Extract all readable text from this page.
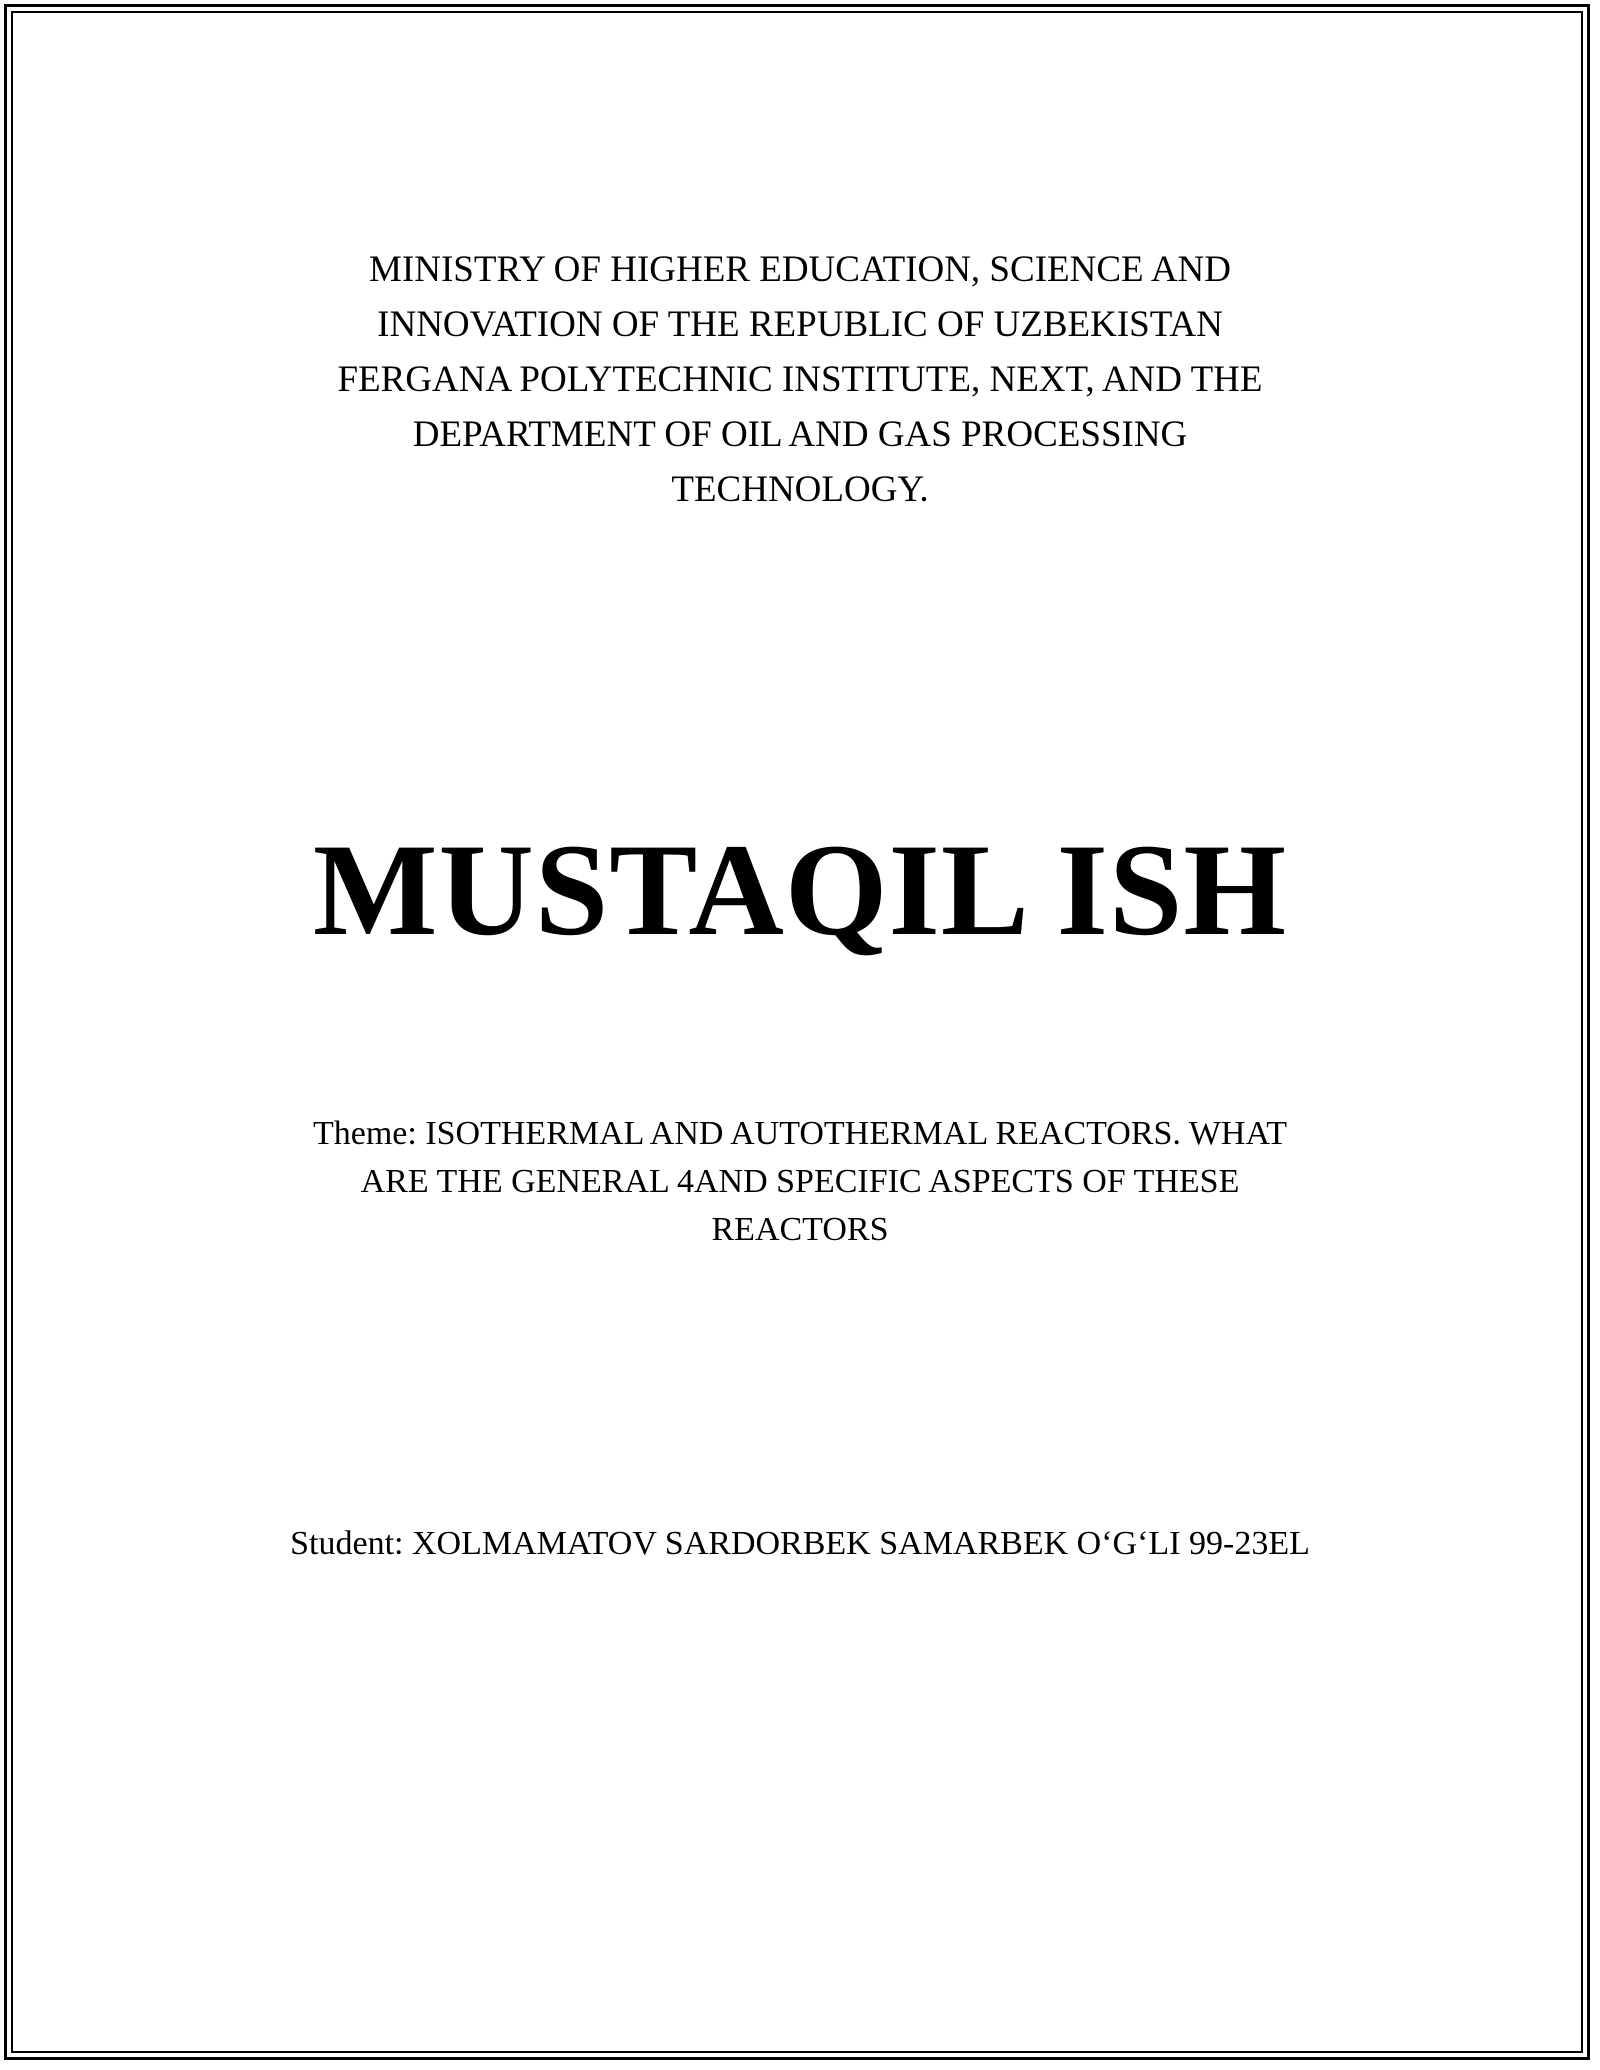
MINISTRY OF HIGHER EDUCATION, SCIENCE AND
INNOVATION OF THE REPUBLIC OF UZBEKISTAN
FERGANA POLYTECHNIC INSTITUTE, NEXT, AND THE
DEPARTMENT OF OIL AND GAS PROCESSING
TECHNOLOGY.
MUSTAQIL ISH
Theme: ISOTHERMAL AND AUTOTHERMAL REACTORS. WHAT
ARE THE GENERAL 4AND SPECIFIC ASPECTS OF THESE
REACTORS
Student: XOLMAMATOV SARDORBEK SAMARBEK O‘G‘LI 99-23EL
